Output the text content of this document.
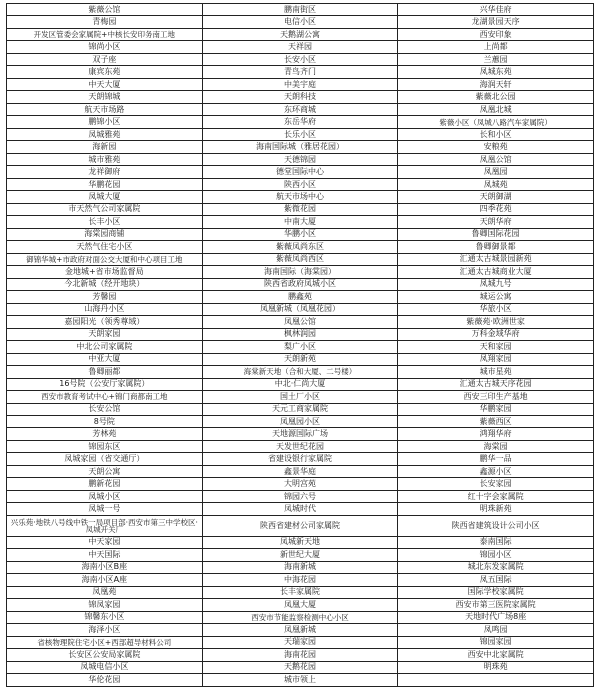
紫薇公馆	鹏南街区	兴华佳府
青梅园	电信小区	龙湖景园天序
开发区管委会家属院+中核长安印务南工地	天鹅湖公寓	西安印象
锦尚小区	天祥园	上尚都
双子座	长安小区	兰蕙园
康宾东苑	青鸟齐门	凤城东苑
中天大厦	中美宇庭	海润天轩
天朗锦城	天朗科技	紫薇北公园
航天市场路	东环商城	凤凰北城
鹏锦小区	东岳华府	紫薇小区（凤城八路汽车家属院）
凤城雅苑	长乐小区	长和小区
海新园	海南国际城（雅居花园）	安粮苑
城市雅苑	天德锦园	凤凰公馆
龙祥御府	德堂国际中心	凤凰园
华鹏花园	陕西小区	凤城苑
凤城大厦	航天市场中心	天朗御湖
市天然气公司家属院	紫微花园	四季花苑
长丰小区	中南大厦	天朗华府
海棠园商铺	华鹏小区	鲁卿国际花园
天然气住宅小区	紫薇凤尚东区	鲁卿御景都
御锦华城+市政府对面公交大厦和中心项目工地	紫薇凤尚西区	汇通太古城景园新苑
金地城+省市场监督局	海南国际（海棠园）	汇通太古城商业大厦
今北新城（经开地块）	陕西省政府凤城小区	凤城九号
芳馨园	鹏鑫苑	城运公寓
山海丹小区	凤凰新城（凤凰花园）	华旅小区
嘉园阳光（领秀尊域）	凤凰公馆	紫薇苑·欧洲世家
天朗家园	枫林润园	万科金域华府
中北公司家属院	梨广小区	天和家园
中亚大厦	天朗新苑	凤翔家园
鲁卿丽都	海棠新天地（合和大厦、二号楼）	城市星苑
16号院（公安厅家属院）	中北·仁尚大厦	汇通太古城天序花园
西安市教育考试中心+锦门商都南工地	国土厂小区	西安三印生产基地
长安公馆	天元工商家属院	华鹏家园
8号院	凤凰园小区	紫薇西区
芳林苑	天地源国际广场	鸿翔华府
锦园东区	天发世纪花园	海棠园
凤城家园（省交通厅）	省建设银行家属院	鹏华一品
天朗公寓	鑫景华庭	鑫源小区
鹏新花园	大明宫苑	长安家园
凤城小区	锦园六号	红十字会家属院
凤城一号	凤城时代	明珠新苑
兴乐苑·地铁八号线中铁一局项目部·西安市第三中学校区·凤城开关厂	陕西省建材公司家属院	陕西省建筑设计公司小区
中天家园	凤城新天地	泰南国际
中天国际	新世纪大厦	锦园小区
海南小区B座	海南新城	城北东发家属院
海南小区A座	中海花园	凤五国际
凤凰苑	长丰家属院	国际学校家属院
锦凤家园	凤凰大厦	西安市第三医院家属院
锦馨东小区	西安市节能监察检测中心小区	天地时代广场8座
海泽小区	凤凰新城	凤鸣园
省核物理院住宅小区+西部超导材料公司	天瑞家园	锦园家园
长安区公安局家属院	海南花园	西安中北家属院
凤城电信小区	天鹅花园	明珠苑
华伦花园	城市领上	
